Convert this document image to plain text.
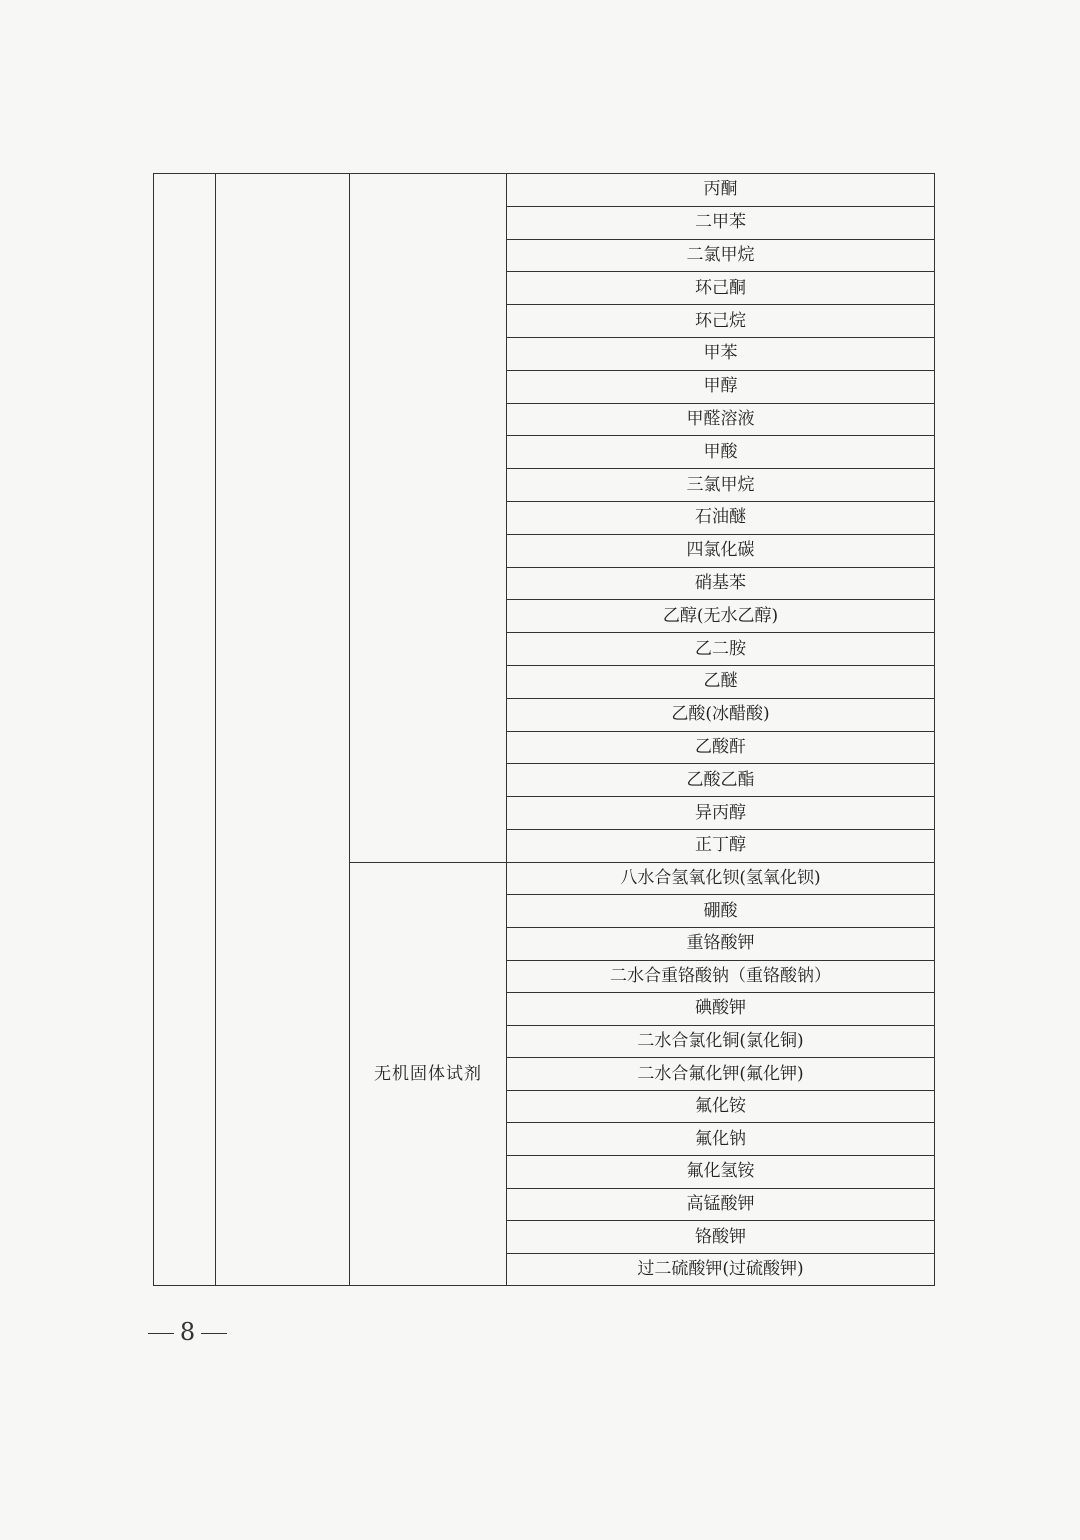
			丙酮
			二甲苯
			二氯甲烷
			环己酮
			环己烷
			甲苯
			甲醇
			甲醛溶液
			甲酸
			三氯甲烷
			石油醚
			四氯化碳
			硝基苯
			乙醇(无水乙醇)
			乙二胺
			乙醚
			乙酸(冰醋酸)
			乙酸酐
			乙酸乙酯
			异丙醇
			正丁醇
		无机固体试剂	八水合氢氧化钡(氢氧化钡)
			硼酸
			重铬酸钾
			二水合重铬酸钠（重铬酸钠）
			碘酸钾
			二水合氯化铜(氯化铜)
			二水合氟化钾(氟化钾)
			氟化铵
			氟化钠
			氟化氢铵
			高锰酸钾
			铬酸钾
			过二硫酸钾(过硫酸钾)
8
